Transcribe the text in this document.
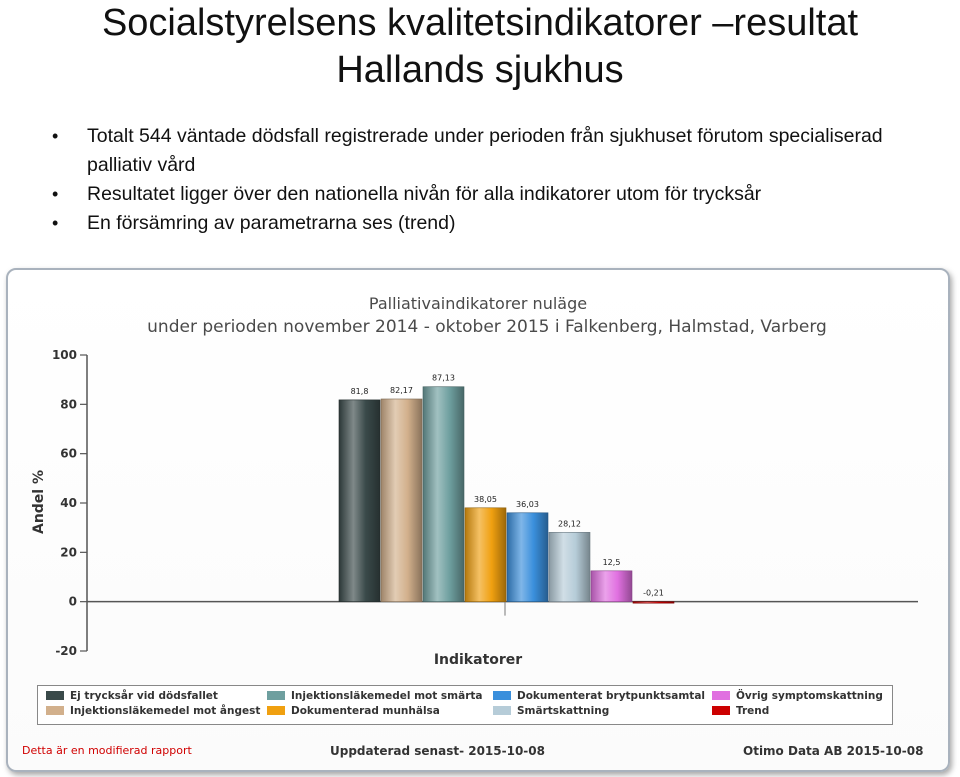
Socialstyrelsens kvalitetsindikatorer –resultat
Hallands sjukhus
• Totalt 544 väntade dödsfall registrerade under perioden från sjukhuset förutom specialiserad palliativ vård
• Resultatet ligger över den nationella nivån för alla indikatorer utom för trycksår
• En försämring av parametrarna ses (trend)
Palliativaindikatorer nuläge
under perioden november 2014 - oktober 2015 i Falkenberg, Halmstad, Varberg
100
80
60
40
20
0
-20
81,8	82,17
87,13
38,05
36,03
28,12
12,5
-0,21
Indikatorer
Andel %
Ej trycksår vid dödsfallet
Injektionsläkemedel mot ångest
Injektionsläkemedel mot smärta
Dokumenterad munhälsa
Dokumenterat brytpunktsamtal
Smärtskattning
Övrig symptomskattning
Trend
Detta är en modifierad rapport	Uppdaterad senast- 2015-10-08	Otimo Data AB 2015-10-08
